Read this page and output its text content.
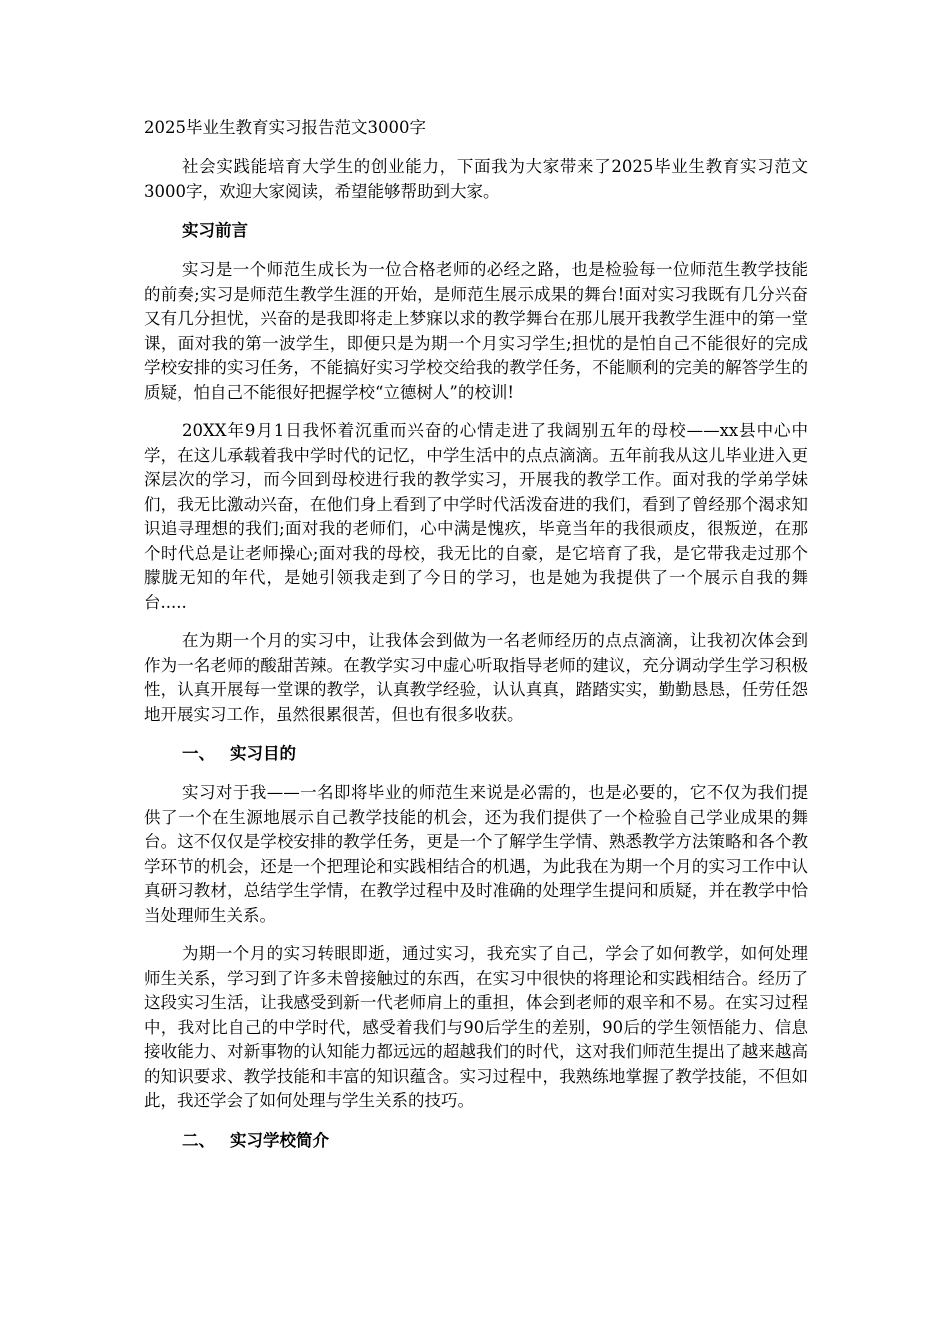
2025毕业生教育实习报告范文3000字

社会实践能培育大学生的创业能力，下面我为大家带来了2025毕业生教育实习范文3000字，欢迎大家阅读，希望能够帮助到大家。

实习前言

实习是一个师范生成长为一位合格老师的必经之路，也是检验每一位师范生教学技能的前奏;实习是师范生教学生涯的开始，是师范生展示成果的舞台!面对实习我既有几分兴奋又有几分担忧，兴奋的是我即将走上梦寐以求的教学舞台在那儿展开我教学生涯中的第一堂课，面对我的第一波学生，即便只是为期一个月实习学生;担忧的是怕自己不能很好的完成学校安排的实习任务，不能搞好实习学校交给我的教学任务，不能顺利的完美的解答学生的质疑，怕自己不能很好把握学校“立德树人”的校训!

20XX年9月1日我怀着沉重而兴奋的心情走进了我阔别五年的母校——xx县中心中学，在这儿承载着我中学时代的记忆，中学生活中的点点滴滴。五年前我从这儿毕业进入更深层次的学习，而今回到母校进行我的教学实习，开展我的教学工作。面对我的学弟学妹们，我无比激动兴奋，在他们身上看到了中学时代活泼奋进的我们，看到了曾经那个渴求知识追寻理想的我们;面对我的老师们，心中满是愧疚，毕竟当年的我很顽皮，很叛逆，在那个时代总是让老师操心;面对我的母校，我无比的自豪，是它培育了我，是它带我走过那个朦胧无知的年代，是她引领我走到了今日的学习，也是她为我提供了一个展示自我的舞台.....

在为期一个月的实习中，让我体会到做为一名老师经历的点点滴滴，让我初次体会到作为一名老师的酸甜苦辣。在教学实习中虚心听取指导老师的建议，充分调动学生学习积极性，认真开展每一堂课的教学，认真教学经验，认认真真，踏踏实实，勤勤恳恳，任劳任怨地开展实习工作，虽然很累很苦，但也有很多收获。

一、 实习目的

实习对于我——一名即将毕业的师范生来说是必需的，也是必要的，它不仅为我们提供了一个在生源地展示自己教学技能的机会，还为我们提供了一个检验自己学业成果的舞台。这不仅仅是学校安排的教学任务，更是一个了解学生学情、熟悉教学方法策略和各个教学环节的机会，还是一个把理论和实践相结合的机遇，为此我在为期一个月的实习工作中认真研习教材，总结学生学情，在教学过程中及时准确的处理学生提问和质疑，并在教学中恰当处理师生关系。

为期一个月的实习转眼即逝，通过实习，我充实了自己，学会了如何教学，如何处理师生关系，学习到了许多未曾接触过的东西，在实习中很快的将理论和实践相结合。经历了这段实习生活，让我感受到新一代老师肩上的重担，体会到老师的艰辛和不易。在实习过程中，我对比自己的中学时代，感受着我们与90后学生的差别，90后的学生领悟能力、信息接收能力、对新事物的认知能力都远远的超越我们的时代，这对我们师范生提出了越来越高的知识要求、教学技能和丰富的知识蕴含。实习过程中，我熟练地掌握了教学技能，不但如此，我还学会了如何处理与学生关系的技巧。

二、 实习学校简介
